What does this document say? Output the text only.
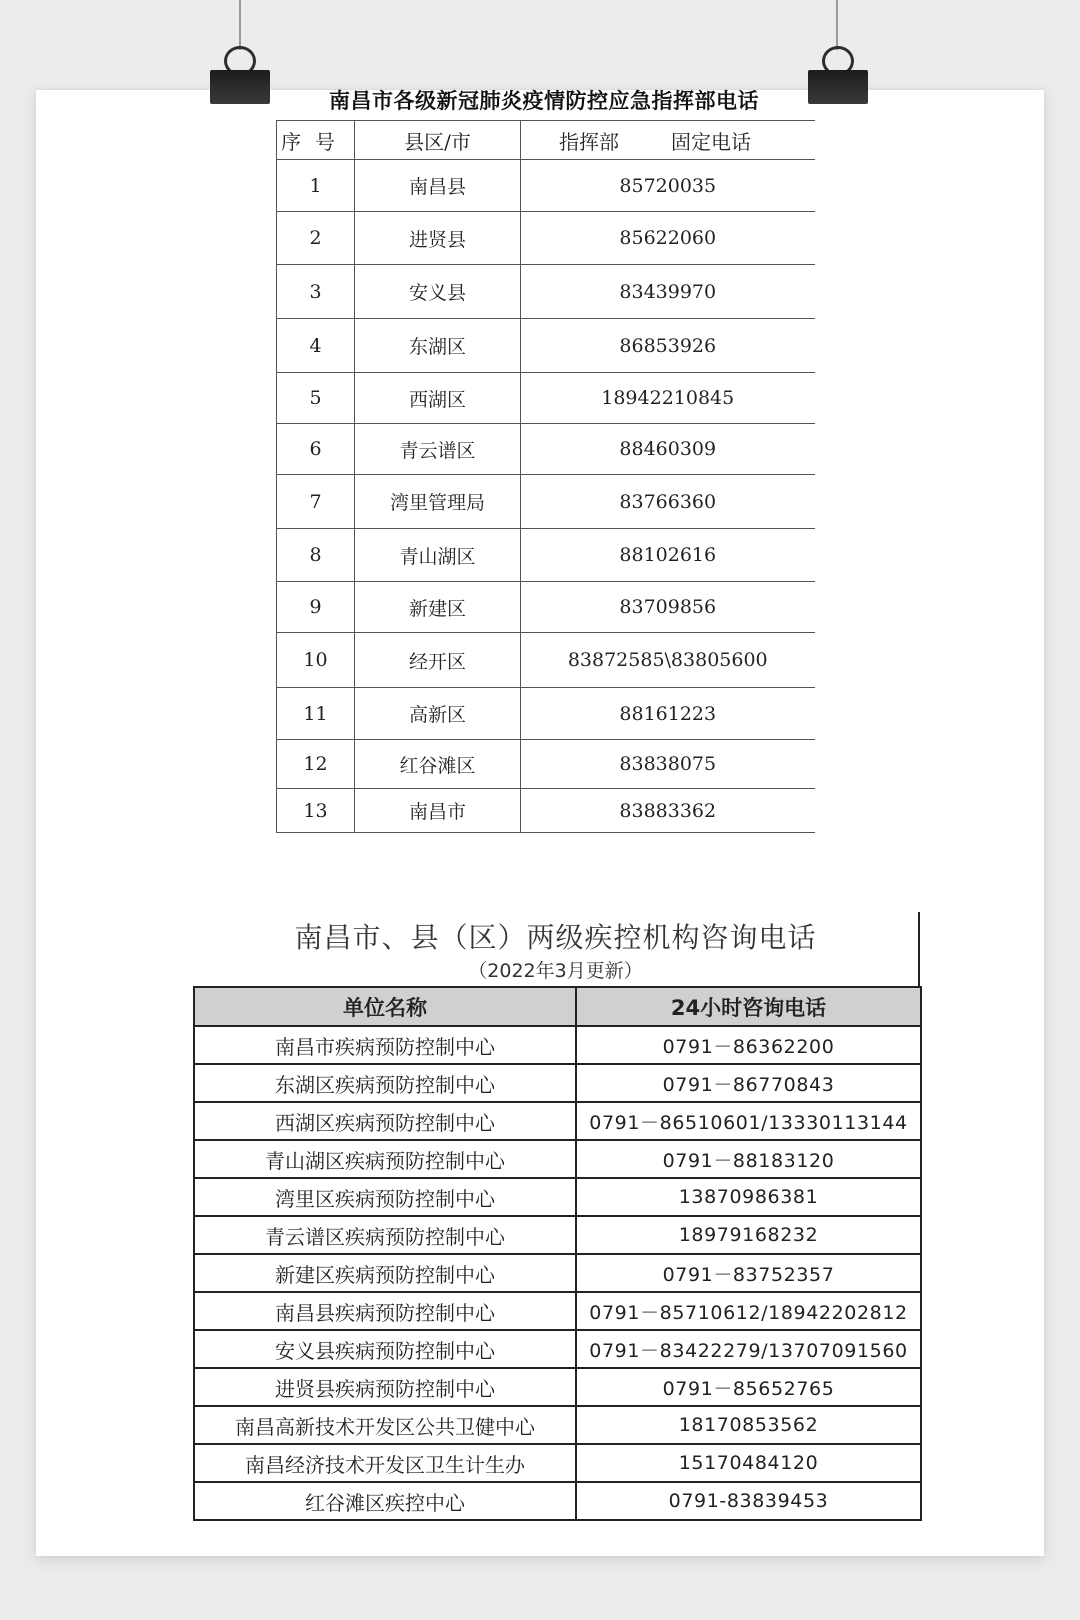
南昌市各级新冠肺炎疫情防控应急指挥部电话
序 号	县区/市	指挥部 固定电话
1	南昌县	85720035
2	进贤县	85622060
3	安义县	83439970
4	东湖区	86853926
5	西湖区	18942210845
6	青云谱区	88460309
7	湾里管理局	83766360
8	青山湖区	88102616
9	新建区	83709856
10	经开区	83872585\83805600
11	高新区	88161223
12	红谷滩区	83838075
13	南昌市	83883362
南昌市、县（区）两级疾控机构咨询电话
（2022年3月更新）
单位名称	24小时咨询电话
南昌市疾病预防控制中心	0791－86362200
东湖区疾病预防控制中心	0791－86770843
西湖区疾病预防控制中心	0791－86510601/13330113144
青山湖区疾病预防控制中心	0791－88183120
湾里区疾病预防控制中心	13870986381
青云谱区疾病预防控制中心	18979168232
新建区疾病预防控制中心	0791－83752357
南昌县疾病预防控制中心	0791－85710612/18942202812
安义县疾病预防控制中心	0791－83422279/13707091560
进贤县疾病预防控制中心	0791－85652765
南昌高新技术开发区公共卫健中心	18170853562
南昌经济技术开发区卫生计生办	15170484120
红谷滩区疾控中心	0791-83839453
